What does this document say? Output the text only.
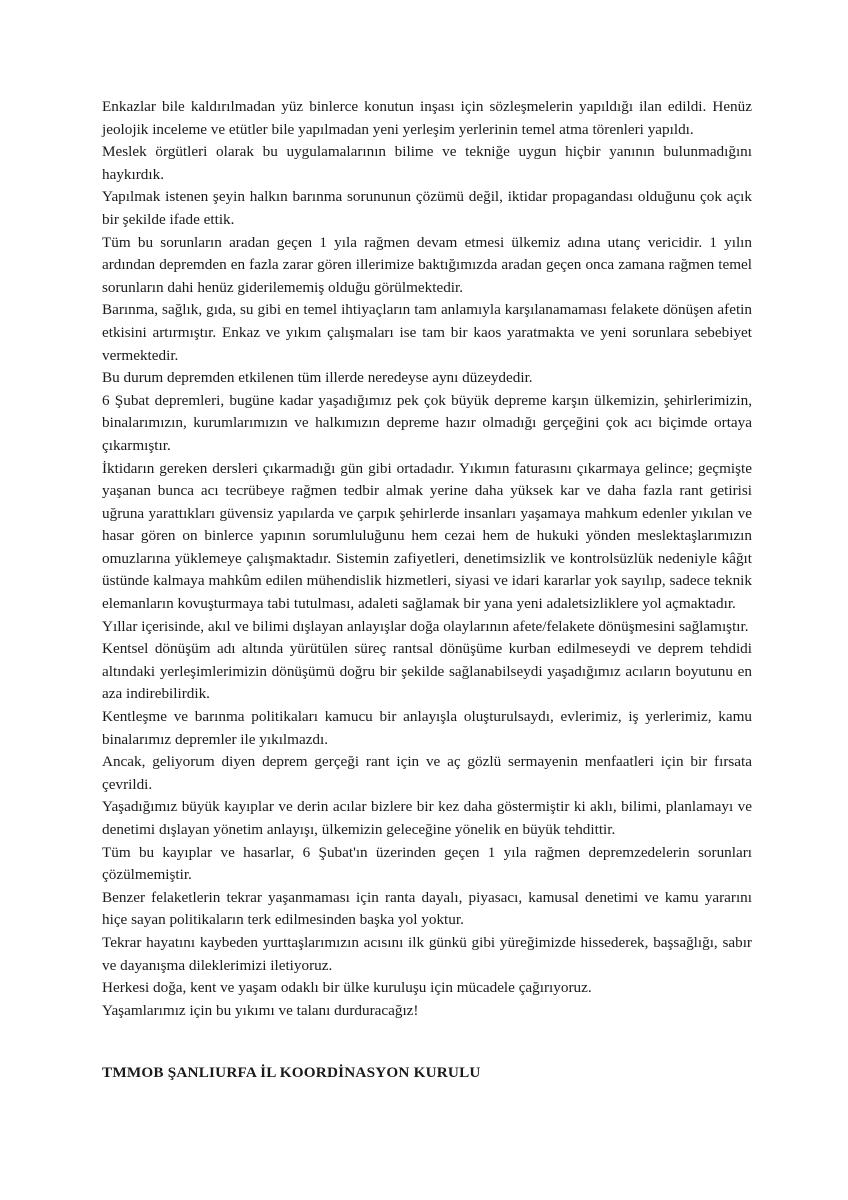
Enkazlar bile kaldırılmadan yüz binlerce konutun inşası için sözleşmelerin yapıldığı ilan edildi. Henüz jeolojik inceleme ve etütler bile yapılmadan yeni yerleşim yerlerinin temel atma törenleri yapıldı.

Meslek örgütleri olarak bu uygulamalarının bilime ve tekniğe uygun hiçbir yanının bulunmadığını haykırdık.

Yapılmak istenen şeyin halkın barınma sorununun çözümü değil, iktidar propagandası olduğunu çok açık bir şekilde ifade ettik.

Tüm bu sorunların aradan geçen 1 yıla rağmen devam etmesi ülkemiz adına utanç vericidir. 1 yılın ardından depremden en fazla zarar gören illerimize baktığımızda aradan geçen onca zamana rağmen temel sorunların dahi henüz giderilememiş olduğu görülmektedir.

Barınma, sağlık, gıda, su gibi en temel ihtiyaçların tam anlamıyla karşılanamaması felakete dönüşen afetin etkisini artırmıştır. Enkaz ve yıkım çalışmaları ise tam bir kaos yaratmakta ve yeni sorunlara sebebiyet vermektedir.

Bu durum depremden etkilenen tüm illerde neredeyse aynı düzeydedir.

6 Şubat depremleri, bugüne kadar yaşadığımız pek çok büyük depreme karşın ülkemizin, şehirlerimizin, binalarımızın, kurumlarımızın ve halkımızın depreme hazır olmadığı gerçeğini çok acı biçimde ortaya çıkarmıştır.

İktidarın gereken dersleri çıkarmadığı gün gibi ortadadır. Yıkımın faturasını çıkarmaya gelince; geçmişte yaşanan bunca acı tecrübeye rağmen tedbir almak yerine daha yüksek kar ve daha fazla rant getirisi uğruna yarattıkları güvensiz yapılarda ve çarpık şehirlerde insanları yaşamaya mahkum edenler yıkılan ve hasar gören on binlerce yapının sorumluluğunu hem cezai hem de hukuki yönden meslektaşlarımızın omuzlarına yüklemeye çalışmaktadır. Sistemin zafiyetleri, denetimsizlik ve kontrolsüzlük nedeniyle kâğıt üstünde kalmaya mahkûm edilen mühendislik hizmetleri, siyasi ve idari kararlar yok sayılıp, sadece teknik elemanların kovuşturmaya tabi tutulması, adaleti sağlamak bir yana yeni adaletsizliklere yol açmaktadır.

Yıllar içerisinde, akıl ve bilimi dışlayan anlayışlar doğa olaylarının afete/felakete dönüşmesini sağlamıştır.

Kentsel dönüşüm adı altında yürütülen süreç rantsal dönüşüme kurban edilmeseydi ve deprem tehdidi altındaki yerleşimlerimizin dönüşümü doğru bir şekilde sağlanabilseydi yaşadığımız acıların boyutunu en aza indirebilirdik.

Kentleşme ve barınma politikaları kamucu bir anlayışla oluşturulsaydı, evlerimiz, iş yerlerimiz, kamu binalarımız depremler ile yıkılmazdı.

Ancak, geliyorum diyen deprem gerçeği rant için ve aç gözlü sermayenin menfaatleri için bir fırsata çevrildi.

Yaşadığımız büyük kayıplar ve derin acılar bizlere bir kez daha göstermiştir ki aklı, bilimi, planlamayı ve denetimi dışlayan yönetim anlayışı, ülkemizin geleceğine yönelik en büyük tehdittir.

Tüm bu kayıplar ve hasarlar, 6 Şubat'ın üzerinden geçen 1 yıla rağmen depremzedelerin sorunları çözülmemiştir.

Benzer felaketlerin tekrar yaşanmaması için ranta dayalı, piyasacı, kamusal denetimi ve kamu yararını hiçe sayan politikaların terk edilmesinden başka yol yoktur.

Tekrar hayatını kaybeden yurttaşlarımızın acısını ilk günkü gibi yüreğimizde hissederek, başsağlığı, sabır ve dayanışma dileklerimizi iletiyoruz.

Herkesi doğa, kent ve yaşam odaklı bir ülke kuruluşu için mücadele çağırıyoruz.

Yaşamlarımız için bu yıkımı ve talanı durduracağız!

TMMOB ŞANLIURFA İL KOORDİNASYON KURULU
